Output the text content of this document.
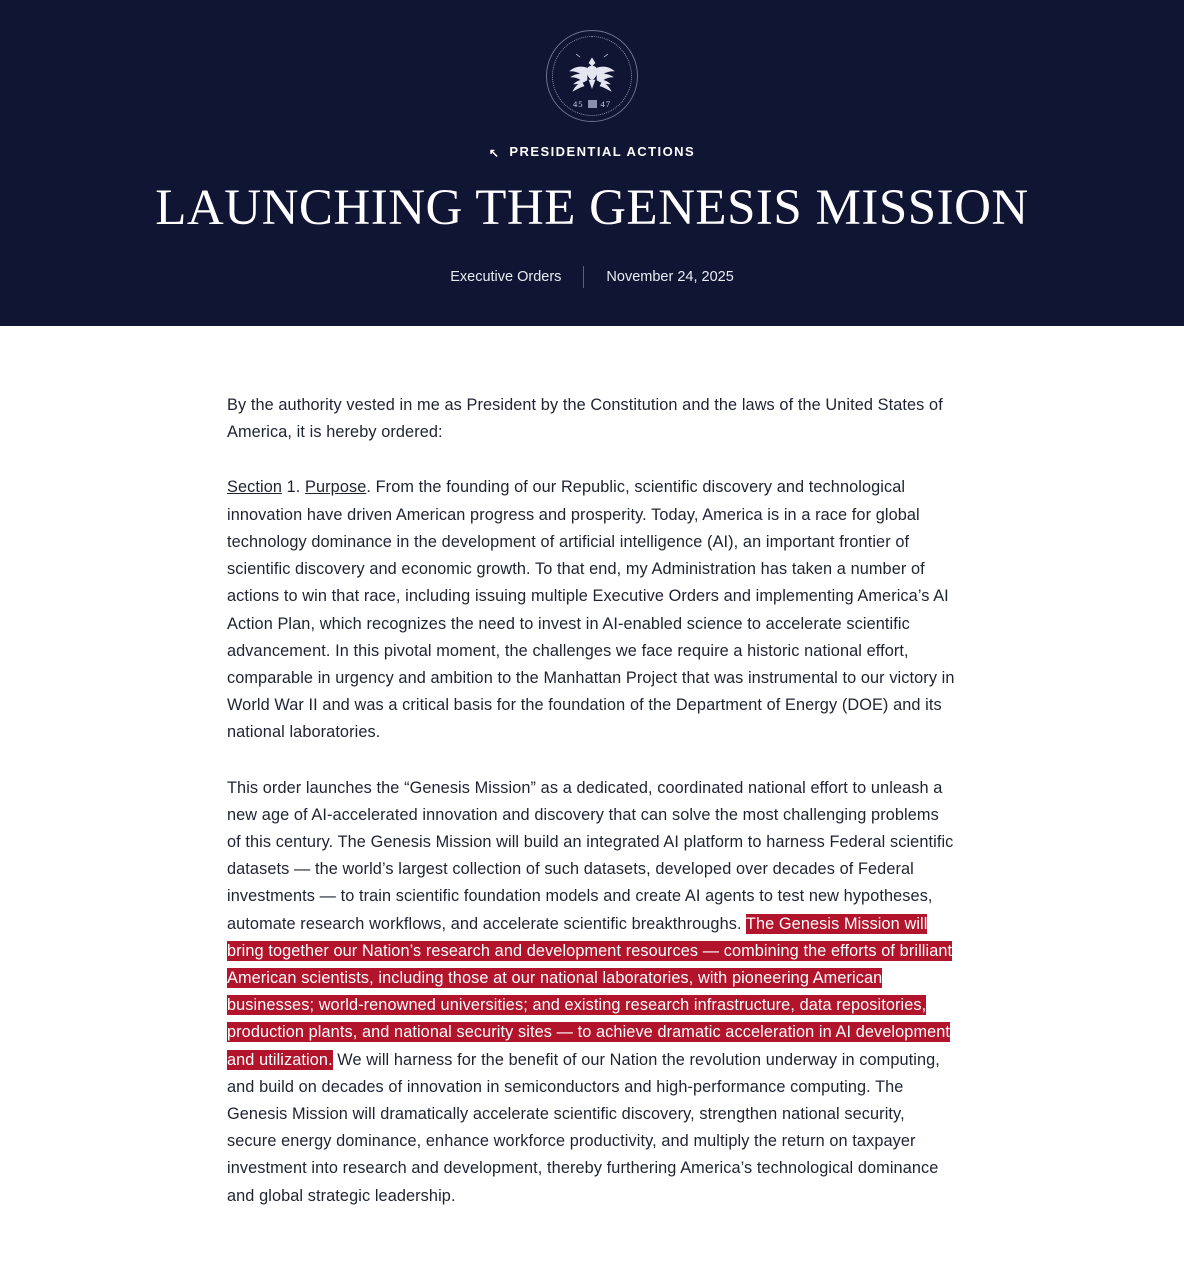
45 47
↖ PRESIDENTIAL ACTIONS
LAUNCHING THE GENESIS MISSION
Executive Orders	November 24, 2025

By the authority vested in me as President by the Constitution and the laws of the United States of America, it is hereby ordered:

Section 1. Purpose. From the founding of our Republic, scientific discovery and technological innovation have driven American progress and prosperity. Today, America is in a race for global technology dominance in the development of artificial intelligence (AI), an important frontier of scientific discovery and economic growth. To that end, my Administration has taken a number of actions to win that race, including issuing multiple Executive Orders and implementing America’s AI Action Plan, which recognizes the need to invest in AI-enabled science to accelerate scientific advancement. In this pivotal moment, the challenges we face require a historic national effort, comparable in urgency and ambition to the Manhattan Project that was instrumental to our victory in World War II and was a critical basis for the foundation of the Department of Energy (DOE) and its national laboratories.

This order launches the “Genesis Mission” as a dedicated, coordinated national effort to unleash a new age of AI-accelerated innovation and discovery that can solve the most challenging problems of this century. The Genesis Mission will build an integrated AI platform to harness Federal scientific datasets — the world’s largest collection of such datasets, developed over decades of Federal investments — to train scientific foundation models and create AI agents to test new hypotheses, automate research workflows, and accelerate scientific breakthroughs. The Genesis Mission will bring together our Nation’s research and development resources — combining the efforts of brilliant American scientists, including those at our national laboratories, with pioneering American businesses; world-renowned universities; and existing research infrastructure, data repositories, production plants, and national security sites — to achieve dramatic acceleration in AI development and utilization. We will harness for the benefit of our Nation the revolution underway in computing, and build on decades of innovation in semiconductors and high-performance computing. The Genesis Mission will dramatically accelerate scientific discovery, strengthen national security, secure energy dominance, enhance workforce productivity, and multiply the return on taxpayer investment into research and development, thereby furthering America’s technological dominance and global strategic leadership.
